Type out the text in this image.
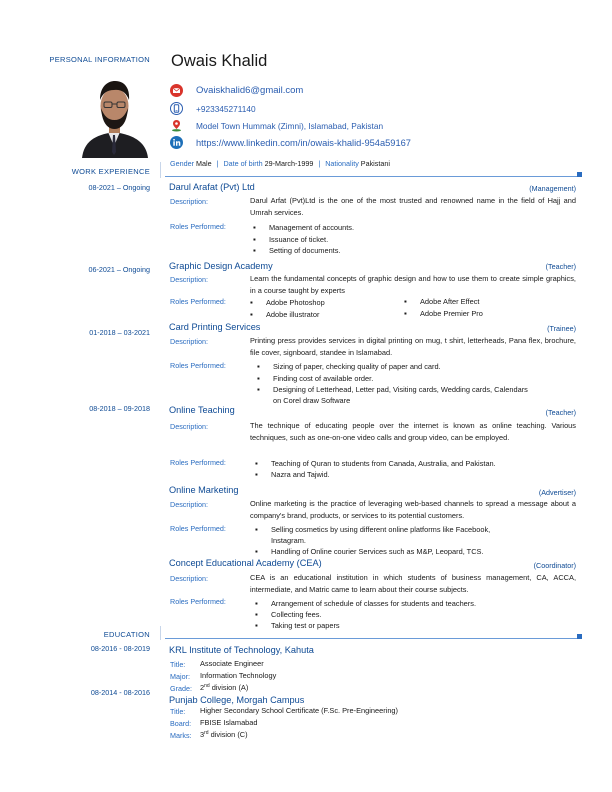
PERSONAL INFORMATION Owais Khalid
Ovaiskhalid6@gmail.com
+923345271140
Model Town Hummak (Zimni), Islamabad, Pakistan
https://www.linkedin.com/in/owais-khalid-954a59167
Gender Male | Date of birth 29-March-1999 | Nationality Pakistani
WORK EXPERIENCE
08-2021 – Ongoing Darul Arafat (Pvt) Ltd	(Management)
Description:	Darul Arfat (Pvt)Ltd is the one of the most trusted and renowned name in the field of Hajj and Umrah services.
Roles Performed:	▪ Management of accounts.
▪ Issuance of ticket.
▪ Setting of documents.
06-2021 – Ongoing Graphic Design Academy	(Teacher)
Description:	Learn the fundamental concepts of graphic design and how to use them to create simple graphics, in a course taught by experts
Roles Performed:	▪ Adobe Photoshop
▪ Adobe illustrator
▪ Adobe After Effect
▪ Adobe Premier Pro
01-2018 – 03-2021
Card Printing Services	(Trainee)
Description:	Printing press provides services in digital printing on mug, t shirt, letterheads, Pana flex, brochure, file cover, signboard, standee in Islamabad.
Roles Performed:	▪ Sizing of paper, checking quality of paper and card.
▪ Finding cost of available order.
▪ Designing of Letterhead, Letter pad, Visiting cards, Wedding cards, Calendars
on Corel draw Software
08-2018 – 09-2018 Online Teaching	(Teacher)
Description:	The technique of educating people over the internet is known as online teaching. Various techniques, such as one-on-one video calls and group video, can be employed.
Roles Performed:	▪ Teaching of Quran to students from Canada, Australia, and Pakistan.
▪ Nazra and Tajwid.
Online Marketing	(Advertiser)
Description:	Online marketing is the practice of leveraging web-based channels to spread a message about a company's brand, products, or services to its potential customers.
Roles Performed:	▪ Selling cosmetics by using different online platforms like Facebook,
Instagram.
▪ Handling of Online courier Services such as M&P, Leopard, TCS.
Concept Educational Academy (CEA)	(Coordinator)
Description:	CEA is an educational institution in which students of business management, CA, ACCA, intermediate, and Matric came to learn about their course subjects.
Roles Performed:	▪ Arrangement of schedule of classes for students and teachers.
▪ Collecting fees.
▪ Taking test or papers
EDUCATION
08-2016 - 08-2019 KRL Institute of Technology, Kahuta
Title: Associate Engineer
Major: Information Technology
Grade: 2nd division (A)
08-2014 - 08-2016
Punjab College, Morgah Campus
Title: Higher Secondary School Certificate (F.Sc. Pre-Engineering)
Board: FBISE Islamabad
Marks: 3rd division (C)
